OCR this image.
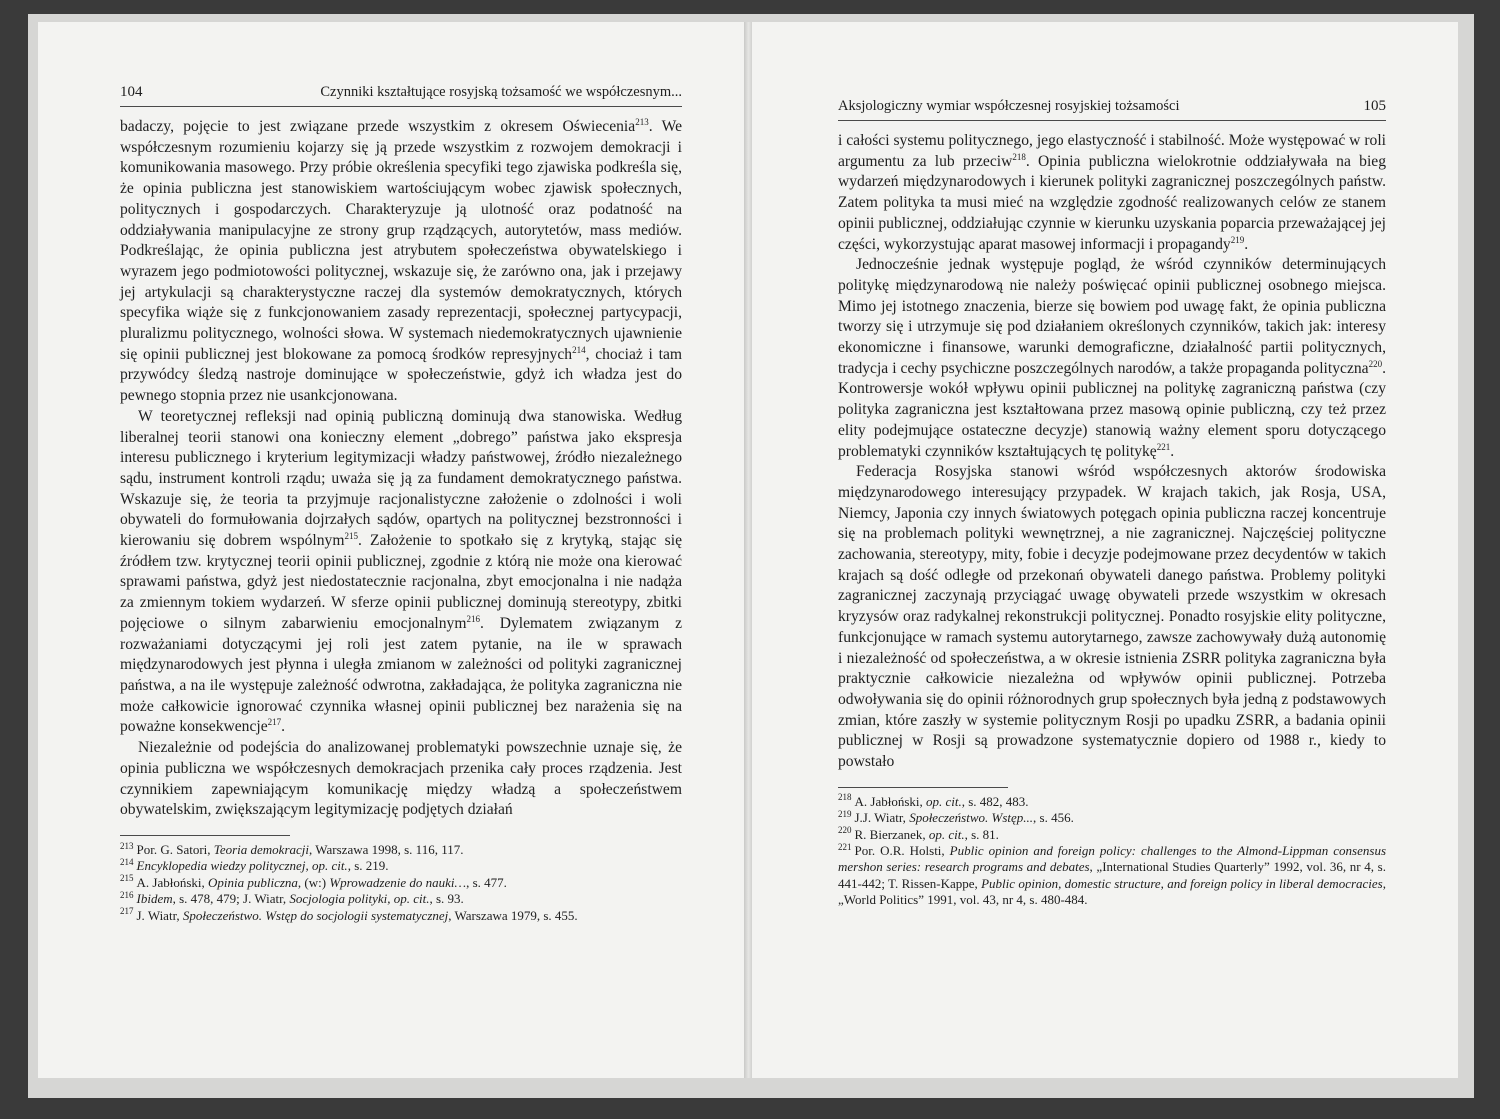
104	Czynniki kształtujące rosyjską tożsamość we współczesnym...

badaczy, pojęcie to jest związane przede wszystkim z okresem Oświecenia$^{213}$. We współczesnym rozumieniu kojarzy się ją przede wszystkim z rozwojem demokracji i komunikowania masowego. Przy próbie określenia specyfiki tego zjawiska podkreśla się, że opinia publiczna jest stanowiskiem wartościującym wobec zjawisk społecznych, politycznych i gospodarczych. Charakteryzuje ją ulotność oraz podatność na oddziaływania manipulacyjne ze strony grup rządzących, autorytetów, mass mediów. Podkreślając, że opinia publiczna jest atrybutem społeczeństwa obywatelskiego i wyrazem jego podmiotowości politycznej, wskazuje się, że zarówno ona, jak i przejawy jej artykulacji są charakterystyczne raczej dla systemów demokratycznych, których specyfika wiąże się z funkcjonowaniem zasady reprezentacji, społecznej partycypacji, pluralizmu politycznego, wolności słowa. W systemach niedemokratycznych ujawnienie się opinii publicznej jest blokowane za pomocą środków represyjnych$^{214}$, chociaż i tam przywódcy śledzą nastroje dominujące w społeczeństwie, gdyż ich władza jest do pewnego stopnia przez nie usankcjonowana.

W teoretycznej refleksji nad opinią publiczną dominują dwa stanowiska. Według liberalnej teorii stanowi ona konieczny element „dobrego” państwa jako ekspresja interesu publicznego i kryterium legitymizacji władzy państwowej, źródło niezależnego sądu, instrument kontroli rządu; uważa się ją za fundament demokratycznego państwa. Wskazuje się, że teoria ta przyjmuje racjonalistyczne założenie o zdolności i woli obywateli do formułowania dojrzałych sądów, opartych na politycznej bezstronności i kierowaniu się dobrem wspólnym$^{215}$. Założenie to spotkało się z krytyką, stając się źródłem tzw. krytycznej teorii opinii publicznej, zgodnie z którą nie może ona kierować sprawami państwa, gdyż jest niedostatecznie racjonalna, zbyt emocjonalna i nie nadąża za zmiennym tokiem wydarzeń. W sferze opinii publicznej dominują stereotypy, zbitki pojęciowe o silnym zabarwieniu emocjonalnym$^{216}$. Dylematem związanym z rozważaniami dotyczącymi jej roli jest zatem pytanie, na ile w sprawach międzynarodowych jest płynna i uległa zmianom w zależności od polityki zagranicznej państwa, a na ile występuje zależność odwrotna, zakładająca, że polityka zagraniczna nie może całkowicie ignorować czynnika własnej opinii publicznej bez narażenia się na poważne konsekwencje$^{217}$.

Niezależnie od podejścia do analizowanej problematyki powszechnie uznaje się, że opinia publiczna we współczesnych demokracjach przenika cały proces rządzenia. Jest czynnikiem zapewniającym komunikację między władzą a społeczeństwem obywatelskim, zwiększającym legitymizację podjętych działań

$^{213}$ Por. G. Satori, Teoria demokracji, Warszawa 1998, s. 116, 117.

$^{214}$ Encyklopedia wiedzy politycznej, op. cit., s. 219.

$^{215}$ A. Jabłoński, Opinia publiczna, (w:) Wprowadzenie do nauki…, s. 477.

$^{216}$ Ibidem, s. 478, 479; J. Wiatr, Socjologia polityki, op. cit., s. 93.

$^{217}$ J. Wiatr, Społeczeństwo. Wstęp do socjologii systematycznej, Warszawa 1979, s. 455.

Aksjologiczny wymiar współczesnej rosyjskiej tożsamości	105

i całości systemu politycznego, jego elastyczność i stabilność. Może występować w roli argumentu za lub przeciw$^{218}$. Opinia publiczna wielokrotnie oddziaływała na bieg wydarzeń międzynarodowych i kierunek polityki zagranicznej poszczególnych państw. Zatem polityka ta musi mieć na względzie zgodność realizowanych celów ze stanem opinii publicznej, oddziałując czynnie w kierunku uzyskania poparcia przeważającej jej części, wykorzystując aparat masowej informacji i propagandy$^{219}$.

Jednocześnie jednak występuje pogląd, że wśród czynników determinujących politykę międzynarodową nie należy poświęcać opinii publicznej osobnego miejsca. Mimo jej istotnego znaczenia, bierze się bowiem pod uwagę fakt, że opinia publiczna tworzy się i utrzymuje się pod działaniem określonych czynników, takich jak: interesy ekonomiczne i finansowe, warunki demograficzne, działalność partii politycznych, tradycja i cechy psychiczne poszczególnych narodów, a także propaganda polityczna$^{220}$. Kontrowersje wokół wpływu opinii publicznej na politykę zagraniczną państwa (czy polityka zagraniczna jest kształtowana przez masową opinie publiczną, czy też przez elity podejmujące ostateczne decyzje) stanowią ważny element sporu dotyczącego problematyki czynników kształtujących tę politykę$^{221}$.

Federacja Rosyjska stanowi wśród współczesnych aktorów środowiska międzynarodowego interesujący przypadek. W krajach takich, jak Rosja, USA, Niemcy, Japonia czy innych światowych potęgach opinia publiczna raczej koncentruje się na problemach polityki wewnętrznej, a nie zagranicznej. Najczęściej polityczne zachowania, stereotypy, mity, fobie i decyzje podejmowane przez decydentów w takich krajach są dość odległe od przekonań obywateli danego państwa. Problemy polityki zagranicznej zaczynają przyciągać uwagę obywateli przede wszystkim w okresach kryzysów oraz radykalnej rekonstrukcji politycznej. Ponadto rosyjskie elity polityczne, funkcjonujące w ramach systemu autorytarnego, zawsze zachowywały dużą autonomię i niezależność od społeczeństwa, a w okresie istnienia ZSRR polityka zagraniczna była praktycznie całkowicie niezależna od wpływów opinii publicznej. Potrzeba odwoływania się do opinii różnorodnych grup społecznych była jedną z podstawowych zmian, które zaszły w systemie politycznym Rosji po upadku ZSRR, a badania opinii publicznej w Rosji są prowadzone systematycznie dopiero od 1988 r., kiedy to powstało

$^{218}$ A. Jabłoński, op. cit., s. 482, 483.

$^{219}$ J.J. Wiatr, Społeczeństwo. Wstęp..., s. 456.

$^{220}$ R. Bierzanek, op. cit., s. 81.

$^{221}$ Por. O.R. Holsti, Public opinion and foreign policy: challenges to the Almond-Lippman consensus mershon series: research programs and debates, „International Studies Quarterly” 1992, vol. 36, nr 4, s. 441-442; T. Rissen-Kappe, Public opinion, domestic structure, and foreign policy in liberal democracies, „World Politics” 1991, vol. 43, nr 4, s. 480-484.
